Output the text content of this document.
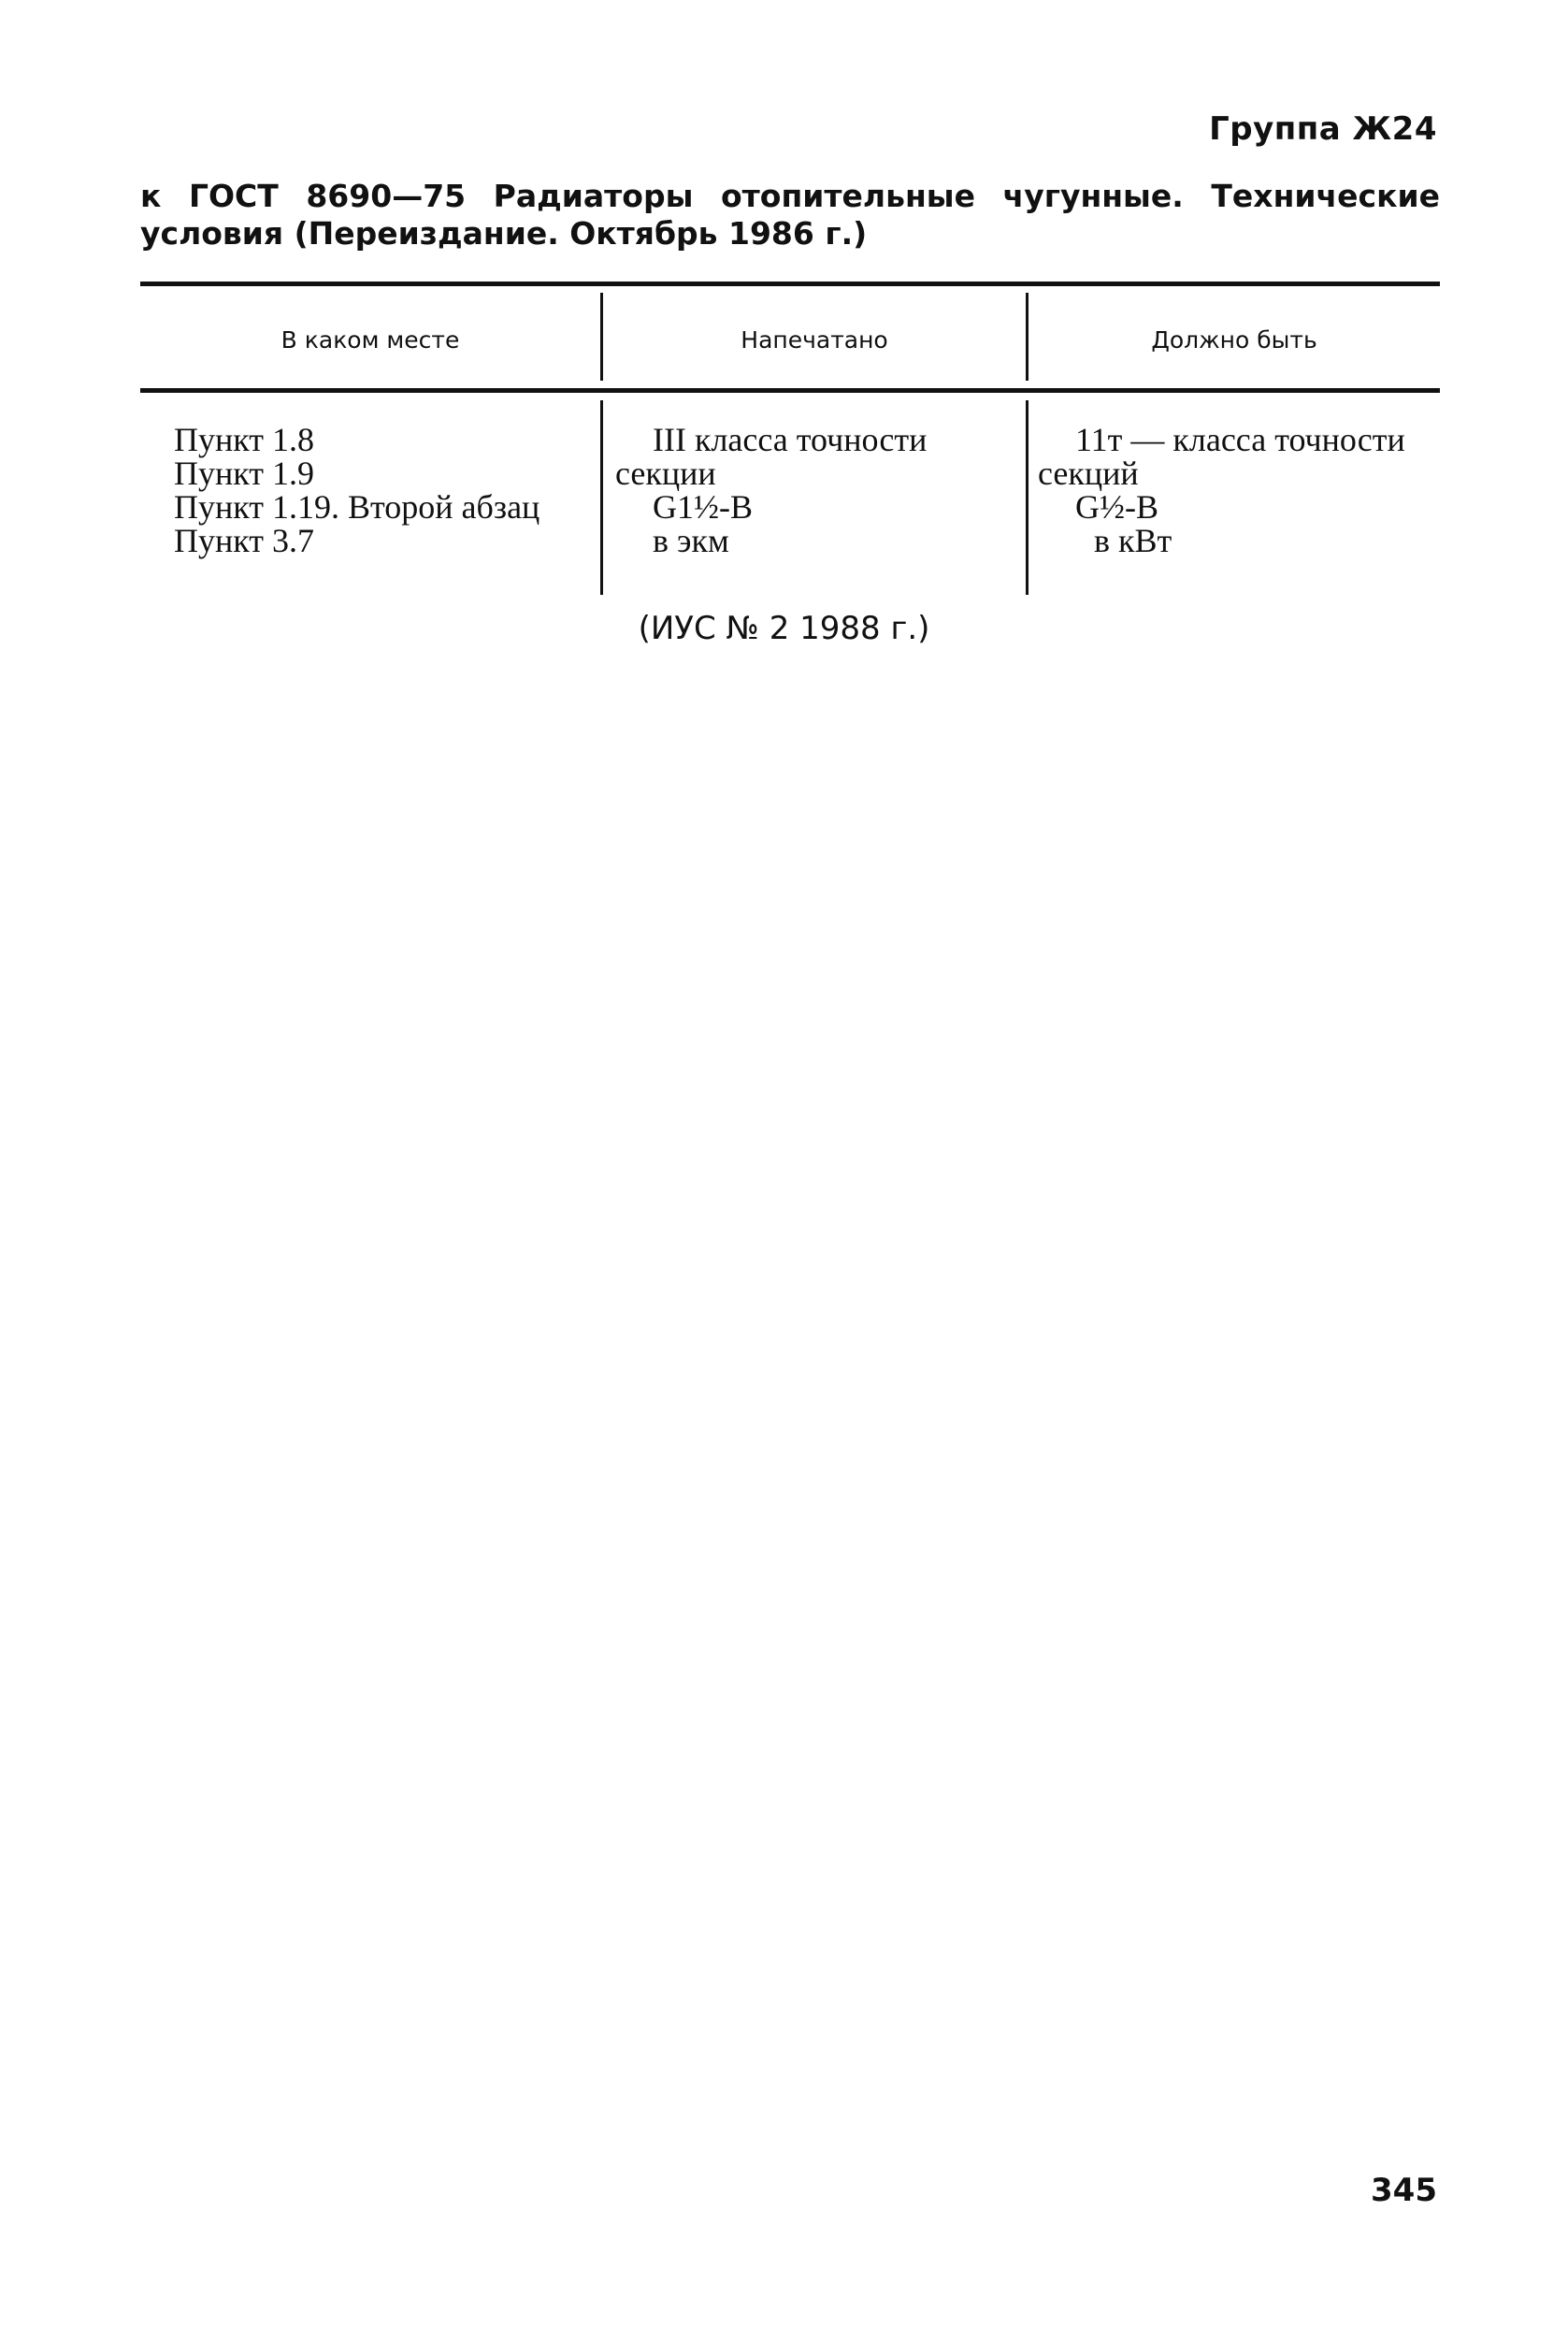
Группа Ж24
к ГОСТ 8690—75 Радиаторы отопительные чугунные. Технические условия (Переиздание. Октябрь 1986 г.)
В каком месте	Напечатано	Должно быть
Пункт 1.8
Пункт 1.9
Пункт 1.19. Второй абзац
Пункт 3.7
III класса точности
секции
G1½-В
в экм
11т — класса точности
секций
G½-В
в кВт
(ИУС № 2 1988 г.)
345
